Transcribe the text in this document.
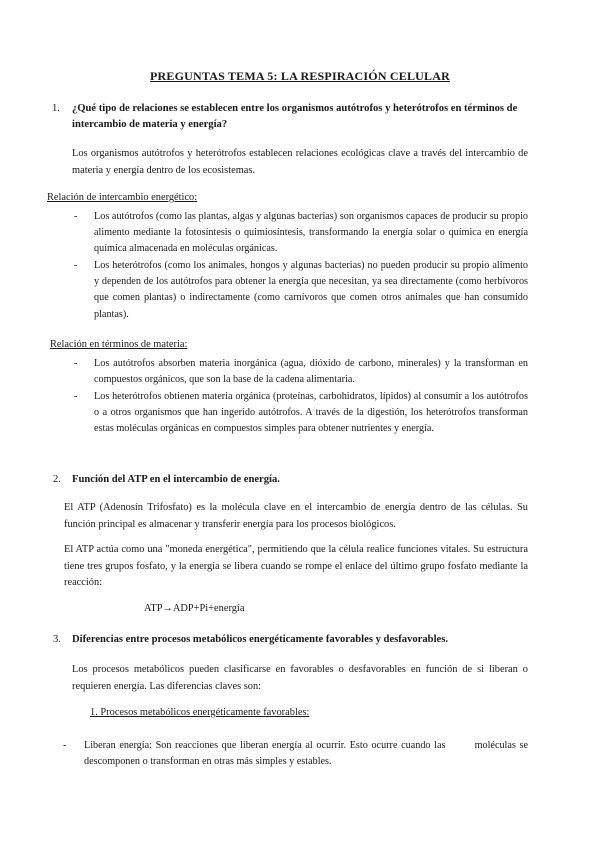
PREGUNTAS TEMA 5: LA RESPIRACIÓN CELULAR
1. ¿Qué tipo de relaciones se establecen entre los organismos autótrofos y heterótrofos en términos de intercambio de materia y energía?
Los organismos autótrofos y heterótrofos establecen relaciones ecológicas clave a través del intercambio de materia y energía dentro de los ecosistemas.
Relación de intercambio energético:
- Los autótrofos (como las plantas, algas y algunas bacterias) son organismos capaces de producir su propio alimento mediante la fotosíntesis o quimiosíntesis, transformando la energía solar o química en energía química almacenada en moléculas orgánicas.
- Los heterótrofos (como los animales, hongos y algunas bacterias) no pueden producir su propio alimento y dependen de los autótrofos para obtener la energía que necesitan, ya sea directamente (como herbívoros que comen plantas) o indirectamente (como carnívoros que comen otros animales que han consumido plantas).
Relación en términos de materia:
- Los autótrofos absorben materia inorgánica (agua, dióxido de carbono, minerales) y la transforman en compuestos orgánicos, que son la base de la cadena alimentaria.
- Los heterótrofos obtienen materia orgánica (proteínas, carbohidratos, lípidos) al consumir a los autótrofos o a otros organismos que han ingerido autótrofos. A través de la digestión, los heterótrofos transforman estas moléculas orgánicas en compuestos simples para obtener nutrientes y energía.
2. Función del ATP en el intercambio de energía.
El ATP (Adenosín Trifosfato) es la molécula clave en el intercambio de energía dentro de las células. Su función principal es almacenar y transferir energía para los procesos biológicos.
El ATP actúa como una "moneda energética", permitiendo que la célula realice funciones vitales. Su estructura tiene tres grupos fosfato, y la energía se libera cuando se rompe el enlace del último grupo fosfato mediante la reacción:
ATP→ADP+Pi+energía
3. Diferencias entre procesos metabólicos energéticamente favorables y desfavorables.
Los procesos metabólicos pueden clasificarse en favorables o desfavorables en función de si liberan o requieren energía. Las diferencias claves son:
1. Procesos metabólicos energéticamente favorables:
- Liberan energía: Son reacciones que liberan energía al ocurrir. Esto ocurre cuando las        moléculas se descomponen o transforman en otras más simples y estables.
